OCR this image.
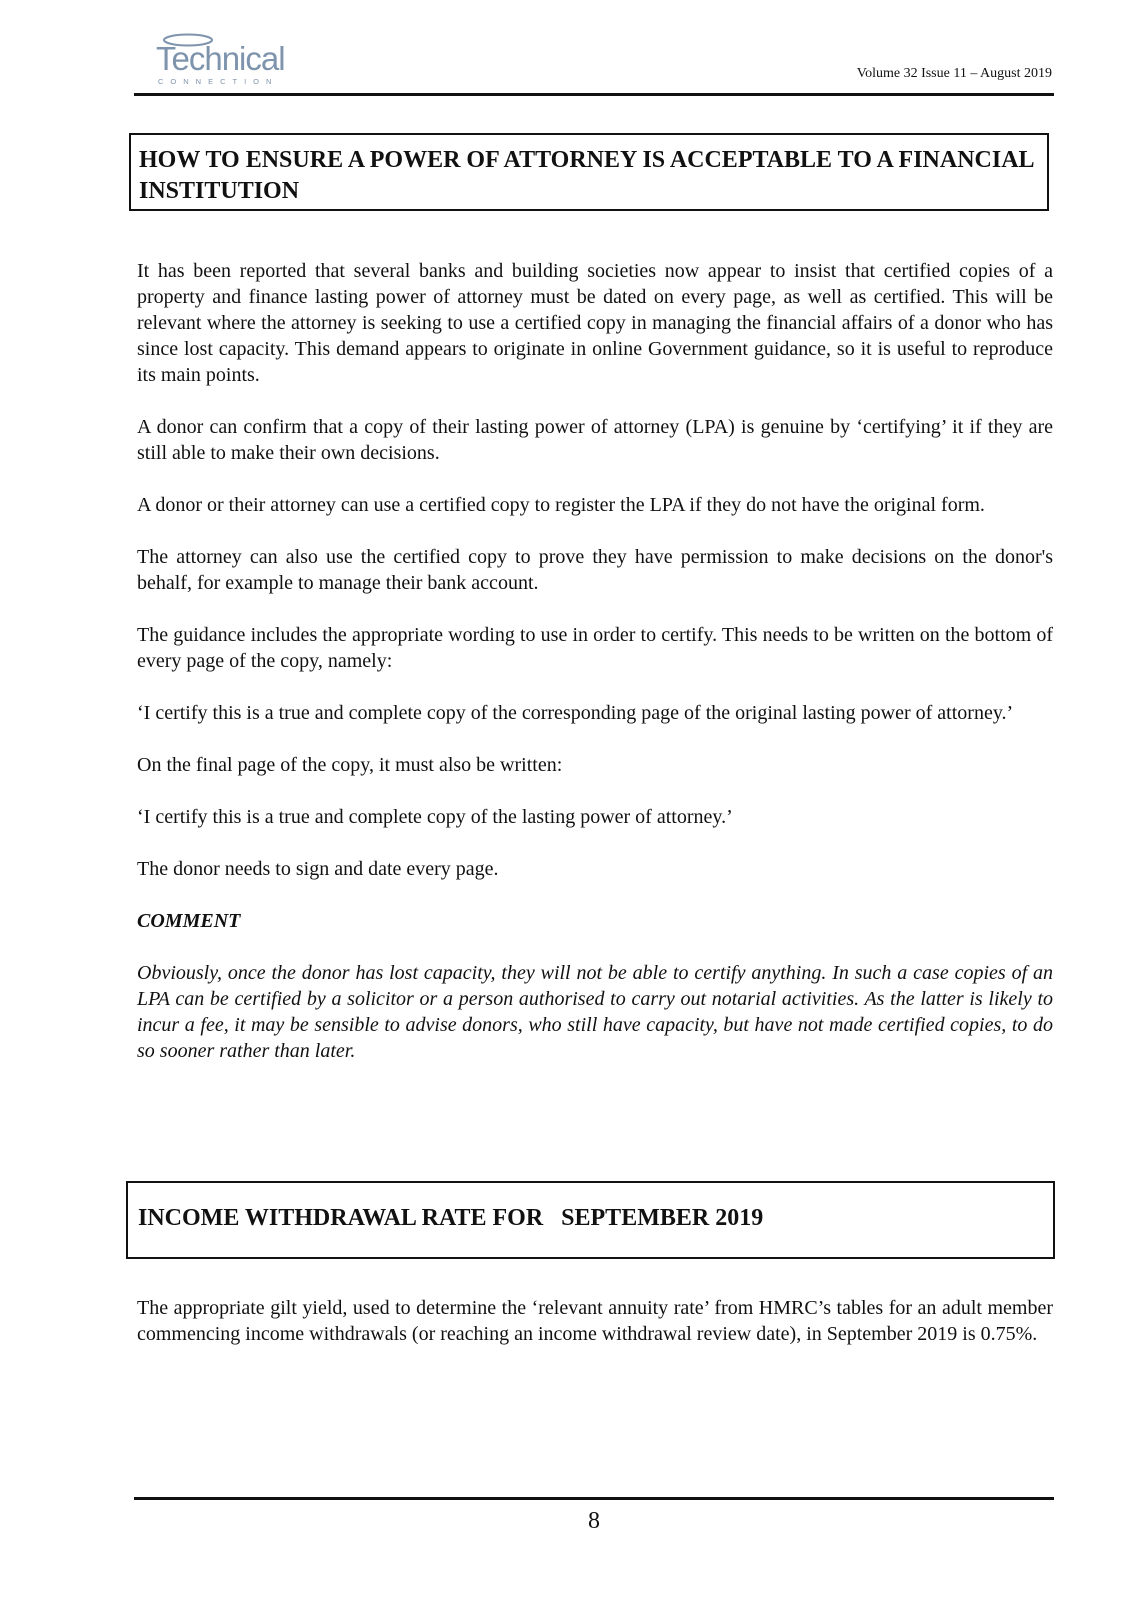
Technical
CONNECTION
Volume 32 Issue 11 – August 2019
HOW TO ENSURE A POWER OF ATTORNEY IS ACCEPTABLE TO A FINANCIAL INSTITUTION

It has been reported that several banks and building societies now appear to insist that certified copies of a property and finance lasting power of attorney must be dated on every page, as well as certified. This will be relevant where the attorney is seeking to use a certified copy in managing the financial affairs of a donor who has since lost capacity. This demand appears to originate in online Government guidance, so it is useful to reproduce its main points.

A donor can confirm that a copy of their lasting power of attorney (LPA) is genuine by ‘certifying’ it if they are still able to make their own decisions.

A donor or their attorney can use a certified copy to register the LPA if they do not have the original form.

The attorney can also use the certified copy to prove they have permission to make decisions on the donor's behalf, for example to manage their bank account.

The guidance includes the appropriate wording to use in order to certify. This needs to be written on the bottom of every page of the copy, namely:

‘I certify this is a true and complete copy of the corresponding page of the original lasting power of attorney.’

On the final page of the copy, it must also be written:

‘I certify this is a true and complete copy of the lasting power of attorney.’

The donor needs to sign and date every page.

COMMENT

Obviously, once the donor has lost capacity, they will not be able to certify anything. In such a case copies of an LPA can be certified by a solicitor or a person authorised to carry out notarial activities. As the latter is likely to incur a fee, it may be sensible to advise donors, who still have capacity, but have not made certified copies, to do so sooner rather than later.

INCOME WITHDRAWAL RATE FOR   SEPTEMBER 2019

The appropriate gilt yield, used to determine the ‘relevant annuity rate’ from HMRC’s tables for an adult member commencing income withdrawals (or reaching an income withdrawal review date), in September 2019 is 0.75%.

8
